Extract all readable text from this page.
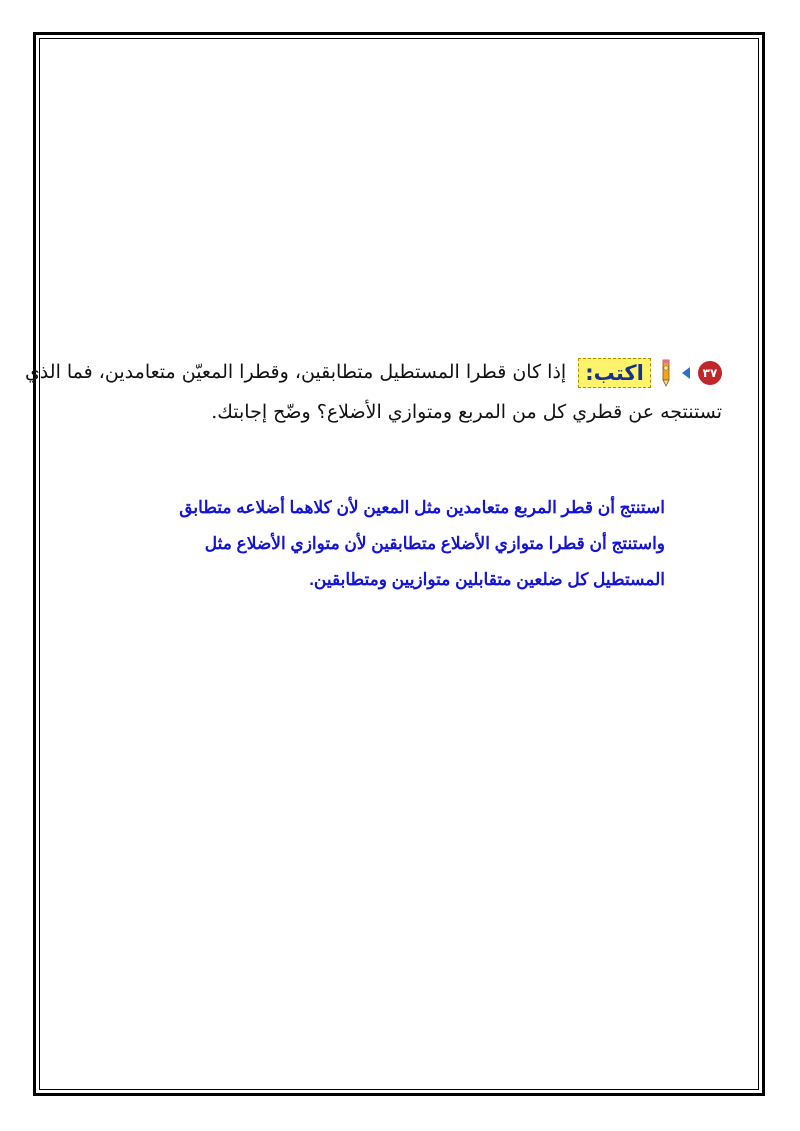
٣٧   اكتب: إذا كان قطرا المستطيل متطابقين، وقطرا المعيّن متعامدين، فما الذي
تستنتجه عن قطري كل من المربع ومتوازي الأضلاع؟ وضّح إجابتك.
استنتج أن قطر المربع متعامدين مثل المعين لأن كلاهما أضلاعه متطابق
واستنتج أن قطرا متوازي الأضلاع متطابقين لأن متوازي الأضلاع مثل
المستطيل كل ضلعين متقابلين متوازيين ومتطابقين.
